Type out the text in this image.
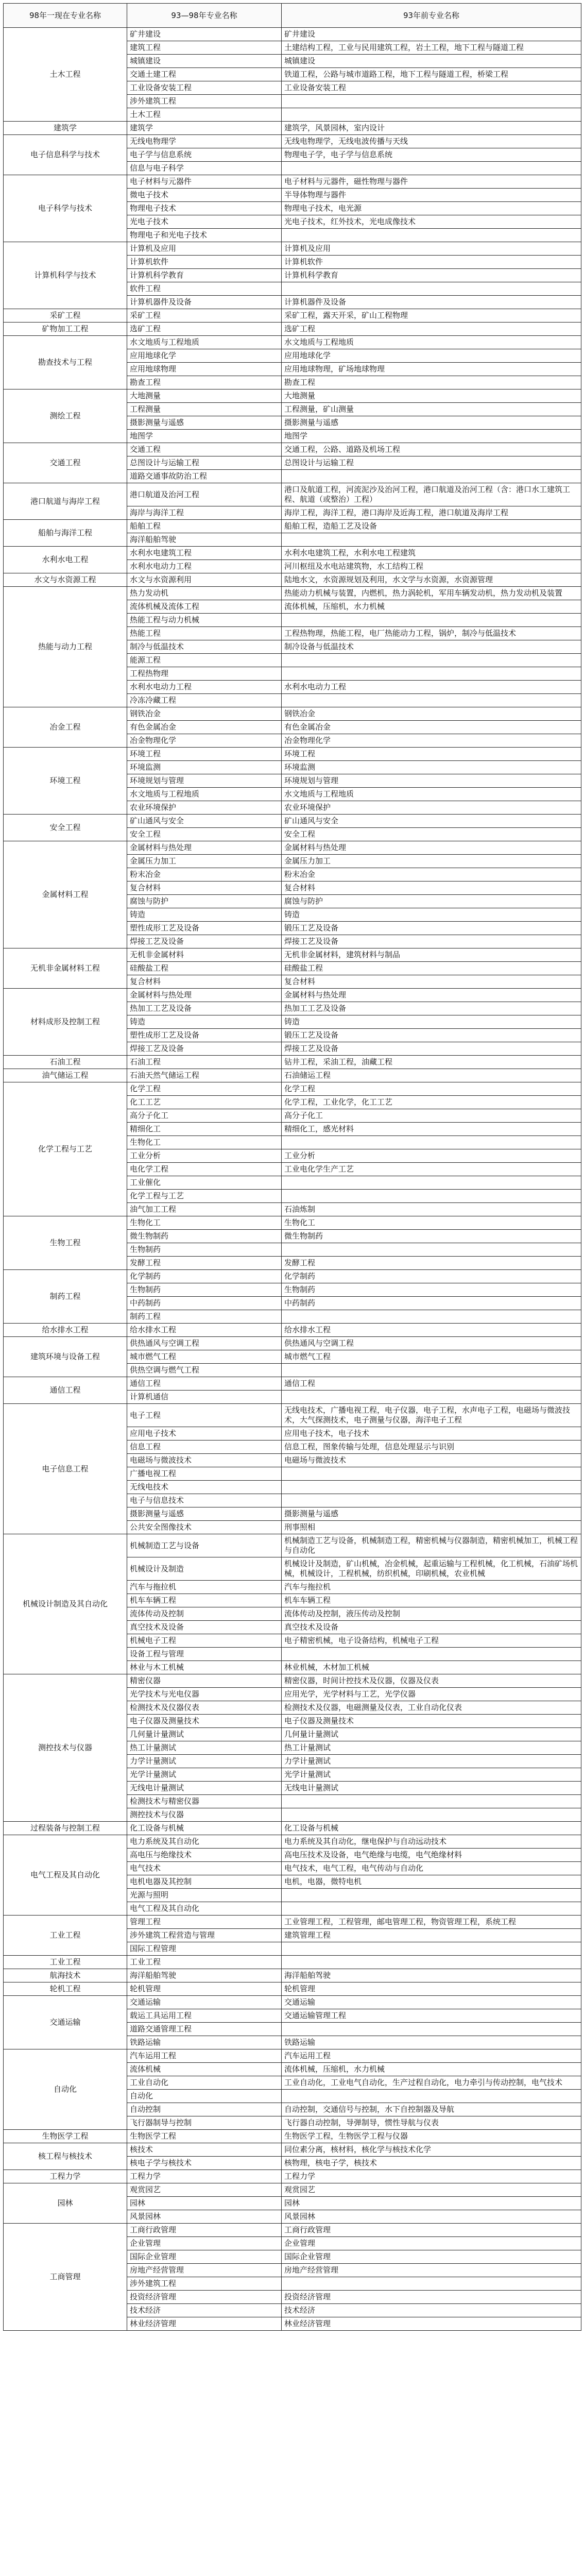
98年一现在专业名称	93—98年专业名称	93年前专业名称
土木工程	矿井建设	矿井建设
	建筑工程	土建结构工程，工业与民用建筑工程，岩土工程，地下工程与隧道工程
	城镇建设	城镇建设
	交通土建工程	铁道工程，公路与城市道路工程，地下工程与隧道工程，桥梁工程
	工业设备安装工程	工业设备安装工程
	涉外建筑工程	
	土木工程	
建筑学	建筑学	建筑学，风景园林，室内设计
电子信息科学与技术	无线电物理学	无线电物理学，无线电波传播与天线
	电子学与信息系统	物理电子学，电子学与信息系统
	信息与电子科学	
电子科学与技术	电子材料与元器件	电子材料与元器件，磁性物理与器件
	微电子技术	半导体物理与器件
	物理电子技术	物理电子技术，电光源
	光电子技术	光电子技术，红外技术，光电成像技术
	物理电子和光电子技术	
计算机科学与技术	计算机及应用	计算机及应用
	计算机软件	计算机软件
	计算机科学教育	计算机科学教育
	软件工程	
	计算机器件及设备	计算机器件及设备
采矿工程	采矿工程	采矿工程，露天开采，矿山工程物理
矿物加工工程	选矿工程	选矿工程
勘查技术与工程	水文地质与工程地质	水文地质与工程地质
	应用地球化学	应用地球化学
	应用地球物理	应用地球物理，矿场地球物理
	勘查工程	勘查工程
测绘工程	大地测量	大地测量
	工程测量	工程测量，矿山测量
	摄影测量与遥感	摄影测量与遥感
	地图学	地图学
交通工程	交通工程	交通工程，公路、道路及机场工程
	总图设计与运输工程	总图设计与运输工程
	道路交通事故防治工程	
港口航道与海岸工程	港口航道及治河工程	港口及航道工程，河流泥沙及治河工程，港口航道及治河工程（含：港口水工建筑工程、航道（或整治）工程）
	海岸与海洋工程	海岸工程，海洋工程，港口海岸及近海工程，港口航道及海岸工程
船舶与海洋工程	船舶工程	船舶工程，造船工艺及设备
	海洋船舶驾驶	
水利水电工程	水利水电建筑工程	水利水电建筑工程，水利水电工程建筑
	水利水电动力工程	河川枢纽及水电站建筑物，水工结构工程
水文与水资源工程	水文与水资源利用	陆地水文，水资源规划及利用，水文学与水资源，水资源管理
热能与动力工程	热力发动机	热能动力机械与装置，内燃机，热力涡轮机，军用车辆发动机，热力发动机及装置
	流体机械及流体工程	流体机械，压缩机，水力机械
	热能工程与动力机械	
	热能工程	工程热物理，热能工程，电厂热能动力工程，锅炉，制冷与低温技术
	制冷与低温技术	制冷设备与低温技术
	能源工程	
	工程热物理	
	水利水电动力工程	水利水电动力工程
	冷冻冷藏工程	
冶金工程	钢铁冶金	钢铁冶金
	有色金属冶金	有色金属冶金
	冶金物理化学	冶金物理化学
环境工程	环境工程	环境工程
	环境监测	环境监测
	环境规划与管理	环境规划与管理
	水文地质与工程地质	水文地质与工程地质
	农业环境保护	农业环境保护
安全工程	矿山通风与安全	矿山通风与安全
	安全工程	安全工程
金属材料工程	金属材料与热处理	金属材料与热处理
	金属压力加工	金属压力加工
	粉末冶金	粉末冶金
	复合材料	复合材料
	腐蚀与防护	腐蚀与防护
	铸造	铸造
	塑性成形工艺及设备	锻压工艺及设备
	焊接工艺及设备	焊接工艺及设备
无机非金属材料工程	无机非金属材料	无机非金属材料，建筑材料与制品
	硅酸盐工程	硅酸盐工程
	复合材料	复合材料
材料成形及控制工程	金属材料与热处理	金属材料与热处理
	热加工工艺及设备	热加工工艺及设备
	铸造	铸造
	塑性成形工艺及设备	锻压工艺及设备
	焊接工艺及设备	焊接工艺及设备
石油工程	石油工程	钻井工程，采油工程，油藏工程
油气储运工程	石油天然气储运工程	石油储运工程
化学工程与工艺	化学工程	化学工程
	化工工艺	化学工程，工业化学，化工工艺
	高分子化工	高分子化工
	精细化工	精细化工，感光材料
	生物化工	
	工业分析	工业分析
	电化学工程	工业电化学生产工艺
	工业催化	
	化学工程与工艺	
	油气加工工程	石油炼制
生物工程	生物化工	生物化工
	微生物制药	微生物制药
	生物制药	
	发酵工程	发酵工程
制药工程	化学制药	化学制药
	生物制药	生物制药
	中药制药	中药制药
	制药工程	
给水排水工程	给水排水工程	给水排水工程
建筑环境与设备工程	供热通风与空调工程	供热通风与空调工程
	城市燃气工程	城市燃气工程
	供热空调与燃气工程	
通信工程	通信工程	通信工程
	计算机通信	
电子信息工程	电子工程	无线电技术，广播电视工程，电子仪器，电子工程，水声电子工程，电磁场与微波技术，大气探测技术，电子测量与仪器，海洋电子工程
	应用电子技术	应用电子技术，电子技术
	信息工程	信息工程，图象传输与处理，信息处理显示与识别
	电磁场与微波技术	电磁场与微波技术
	广播电视工程	
	无线电技术	
	电子与信息技术	
	摄影测量与遥感	摄影测量与遥感
	公共安全图像技术	刑事照相
机械设计制造及其自动化	机械制造工艺与设备	机械制造工艺与设备，机械制造工程，精密机械与仪器制造，精密机械加工，机械工程与自动化
	机械设计及制造	机械设计及制造，矿山机械，冶金机械，起重运输与工程机械，化工机械，石油矿场机械，机械设计，工程机械，纺织机械，印刷机械，农业机械
	汽车与拖拉机	汽车与拖拉机
	机车车辆工程	机车车辆工程
	流体传动及控制	流体传动及控制，液压传动及控制
	真空技术及设备	真空技术及设备
	机械电子工程	电子精密机械，电子设备结构，机械电子工程
	设备工程与管理	
	林业与木工机械	林业机械，木材加工机械
测控技术与仪器	精密仪器	精密仪器，时间计控技术及仪器，仪器及仪表
	光学技术与光电仪器	应用光学，光学材料与工艺，光学仪器
	检测技术及仪器仪表	检测技术及仪器，电磁测量及仪表，工业自动化仪表
	电子仪器及测量技术	电子仪器及测量技术
	几何量计量测试	几何量计量测试
	热工计量测试	热工计量测试
	力学计量测试	力学计量测试
	光学计量测试	光学计量测试
	无线电计量测试	无线电计量测试
	检测技术与精密仪器	
	测控技术与仪器	
过程装备与控制工程	化工设备与机械	化工设备与机械
电气工程及其自动化	电力系统及其自动化	电力系统及其自动化，继电保护与自动远动技术
	高电压与绝缘技术	高电压技术及设备，电气绝缘与电缆，电气绝缘材料
	电气技术	电气技术，电气工程，电气传动与自动化
	电机电器及其控制	电机，电器，微特电机
	光源与照明	
	电气工程及其自动化	
工业工程	管理工程	工业管理工程，工程管理，邮电管理工程，物资管理工程，系统工程
	涉外建筑工程营造与管理	建筑管理工程
	国际工程管理	
工业工程	工业工程	
航海技术	海洋船舶驾驶	海洋船舶驾驶
轮机工程	轮机管理	轮机管理
交通运输	交通运输	交通运输
	载运工具运用工程	交通运输管理工程
	道路交通管理工程	
	铁路运输	铁路运输
自动化	汽车运用工程	汽车运用工程
	流体机械	流体机械，压缩机，水力机械
	工业自动化	工业自动化，工业电气自动化，生产过程自动化，电力牵引与传动控制，电气技术
	自动化	
	自动控制	自动控制，交通信号与控制，水下自控制器及导航
	飞行器制导与控制	飞行器自动控制，导弹制导，惯性导航与仪表
生物医学工程	生物医学工程	生物医学工程，生物医学工程与仪器
核工程与核技术	核技术	同位素分离，核材料，核化学与核技术化学
	核电子学与核技术	核物理，核电子学，核技术
工程力学	工程力学	工程力学
园林	观赏园艺	观赏园艺
	园林	园林
	风景园林	风景园林
工商管理	工商行政管理	工商行政管理
	企业管理	企业管理
	国际企业管理	国际企业管理
	房地产经营管理	房地产经营管理
	涉外建筑工程	
	投资经济管理	投资经济管理
	技术经济	技术经济
	林业经济管理	林业经济管理
